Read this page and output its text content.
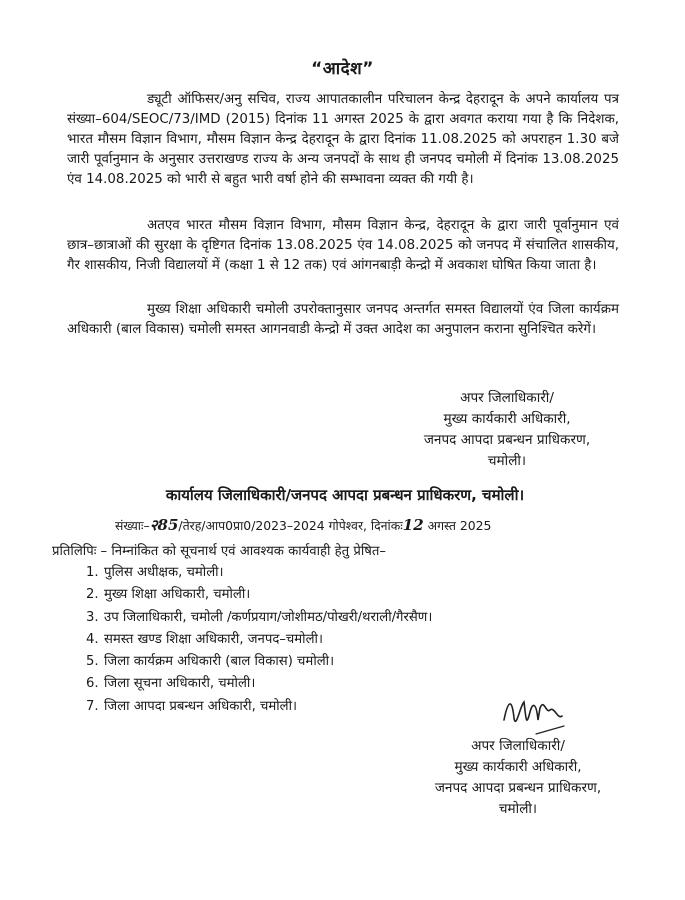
“आदेश”

ड्यूटी ऑफिसर/अनु सचिव, राज्य आपातकालीन परिचालन केन्द्र देहरादून के अपने कार्यालय पत्र संख्या–604/SEOC/73/IMD (2015) दिनांक 11 अगस्त 2025 के द्वारा अवगत कराया गया है कि निदेशक, भारत मौसम विज्ञान विभाग, मौसम विज्ञान केन्द्र देहरादून के द्वारा दिनांक 11.08.2025 को अपराहन 1.30 बजे जारी पूर्वानुमान के अनुसार उत्तराखण्ड राज्य के अन्य जनपदों के साथ ही जनपद चमोली में दिनांक 13.08.2025 एंव 14.08.2025 को भारी से बहुत भारी वर्षा होने की सम्भावना व्यक्त की गयी है।

अतएव भारत मौसम विज्ञान विभाग, मौसम विज्ञान केन्द्र, देहरादून के द्वारा जारी पूर्वानुमान एवं छात्र–छात्राओं की सुरक्षा के दृष्टिगत दिनांक 13.08.2025 एंव 14.08.2025 को जनपद में संचालित शासकीय, गैर शासकीय, निजी विद्यालयों में (कक्षा 1 से 12 तक) एवं आंगनबाड़ी केन्द्रो में अवकाश घोषित किया जाता है।

मुख्य शिक्षा अधिकारी चमोली उपरोक्तानुसार जनपद अन्तर्गत समस्त विद्यालयों एंव जिला कार्यक्रम अधिकारी (बाल विकास) चमोली समस्त आगनवाडी केन्द्रो में उक्त आदेश का अनुपालन कराना सुनिश्चित करेगें।

अपर जिलाधिकारी/
मुख्य कार्यकारी अधिकारी,
जनपद आपदा प्रबन्धन प्राधिकरण,
चमोली।
कार्यालय जिलाधिकारी/जनपद आपदा प्रबन्धन प्राधिकरण, चमोली।
संख्याः–२85/तेरह/आप0प्रा0/2023–2024 गोपेश्वर, दिनांकः12 अगस्त 2025
प्रतिलिपिः – निम्नांकित को सूचनार्थ एवं आवश्यक कार्यवाही हेतु प्रेषित–
1. पुलिस अधीक्षक, चमोली।
2. मुख्य शिक्षा अधिकारी, चमोली।
3. उप जिलाधिकारी, चमोली /कर्णप्रयाग/जोशीमठ/पोखरी/थराली/गैरसैण।
4. समस्त खण्ड शिक्षा अधिकारी, जनपद–चमोली।
5. जिला कार्यक्रम अधिकारी (बाल विकास) चमोली।
6. जिला सूचना अधिकारी, चमोली।
7. जिला आपदा प्रबन्धन अधिकारी, चमोली।
अपर जिलाधिकारी/
मुख्य कार्यकारी अधिकारी,
जनपद आपदा प्रबन्धन प्राधिकरण,
चमोली।
